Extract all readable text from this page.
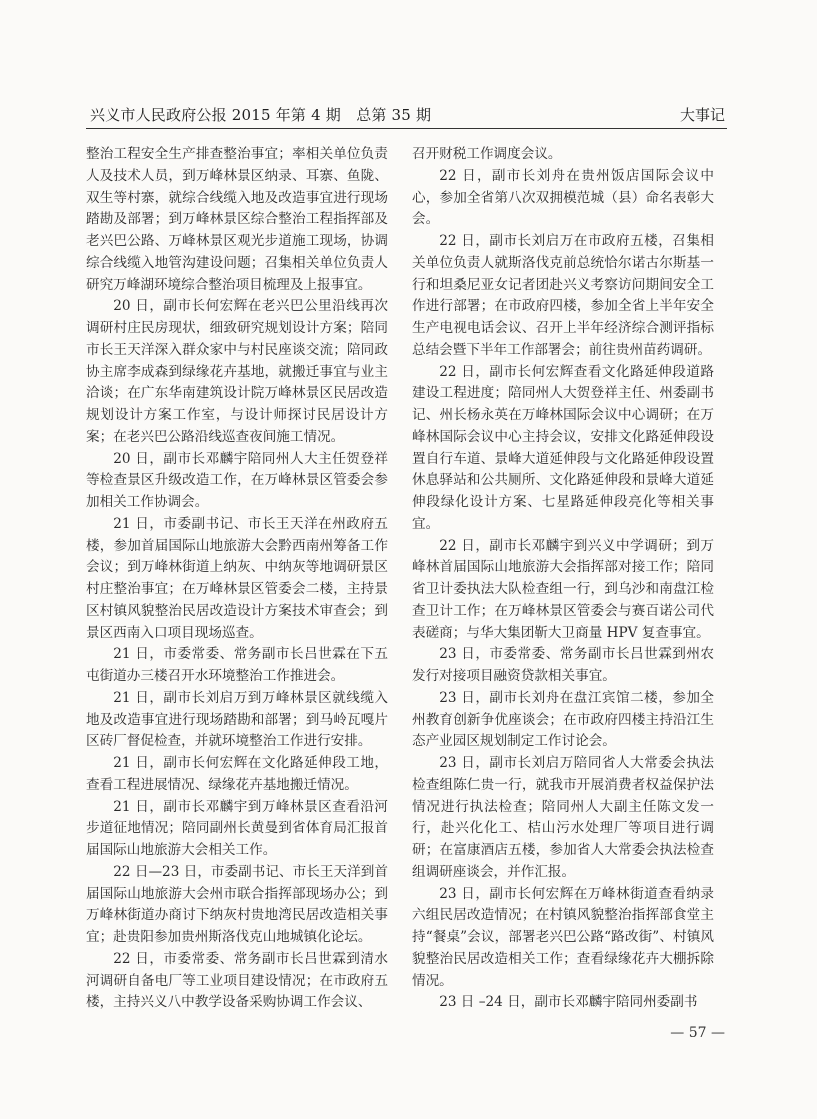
兴义市人民政府公报 2015 年第 4 期　总第 35 期	大事记

整治工程安全生产排查整治事宜；率相关单位负责人及技术人员，到万峰林景区纳录、耳寨、鱼陇、双生等村寨，就综合线缆入地及改造事宜进行现场踏勘及部署；到万峰林景区综合整治工程指挥部及老兴巴公路、万峰林景区观光步道施工现场，协调综合线缆入地管沟建设问题；召集相关单位负责人研究万峰湖环境综合整治项目梳理及上报事宜。

20 日，副市长何宏辉在老兴巴公里沿线再次调研村庄民房现状，细致研究规划设计方案；陪同市长王天洋深入群众家中与村民座谈交流；陪同政协主席李成森到绿缘花卉基地，就搬迁事宜与业主洽谈；在广东华南建筑设计院万峰林景区民居改造规划设计方案工作室，与设计师探讨民居设计方案；在老兴巴公路沿线巡查夜间施工情况。

20 日，副市长邓麟宇陪同州人大主任贺登祥等检查景区升级改造工作，在万峰林景区管委会参加相关工作协调会。

21 日，市委副书记、市长王天洋在州政府五楼，参加首届国际山地旅游大会黔西南州筹备工作会议；到万峰林街道上纳灰、中纳灰等地调研景区村庄整治事宜；在万峰林景区管委会二楼，主持景区村镇风貌整治民居改造设计方案技术审查会；到景区西南入口项目现场巡查。

21 日，市委常委、常务副市长吕世霖在下五屯街道办三楼召开水环境整治工作推进会。

21 日，副市长刘启万到万峰林景区就线缆入地及改造事宜进行现场踏勘和部署；到马岭瓦嘎片区砖厂督促检查，并就环境整治工作进行安排。

21 日，副市长何宏辉在文化路延伸段工地，查看工程进展情况、绿缘花卉基地搬迁情况。

21 日，副市长邓麟宇到万峰林景区查看沿河步道征地情况；陪同副州长黄曼到省体育局汇报首届国际山地旅游大会相关工作。

22 日—23 日，市委副书记、市长王天洋到首届国际山地旅游大会州市联合指挥部现场办公；到万峰林街道办商讨下纳灰村贵地湾民居改造相关事宜；赴贵阳参加贵州斯洛伐克山地城镇化论坛。

22 日，市委常委、常务副市长吕世霖到清水河调研自备电厂等工业项目建设情况；在市政府五楼，主持兴义八中教学设备采购协调工作会议、

召开财税工作调度会议。

22 日，副市长刘舟在贵州饭店国际会议中心，参加全省第八次双拥模范城（县）命名表彰大会。

22 日，副市长刘启万在市政府五楼，召集相关单位负责人就斯洛伐克前总统恰尔诺古尔斯基一行和坦桑尼亚女记者团赴兴义考察访问期间安全工作进行部署；在市政府四楼，参加全省上半年安全生产电视电话会议、召开上半年经济综合测评指标总结会暨下半年工作部署会；前往贵州苗药调研。

22 日，副市长何宏辉查看文化路延伸段道路建设工程进度；陪同州人大贺登祥主任、州委副书记、州长杨永英在万峰林国际会议中心调研；在万峰林国际会议中心主持会议，安排文化路延伸段设置自行车道、景峰大道延伸段与文化路延伸段设置休息驿站和公共厕所、文化路延伸段和景峰大道延伸段绿化设计方案、七星路延伸段亮化等相关事宜。

22 日，副市长邓麟宇到兴义中学调研；到万峰林首届国际山地旅游大会指挥部对接工作；陪同省卫计委执法大队检查组一行，到乌沙和南盘江检查卫计工作；在万峰林景区管委会与赛百诺公司代表磋商；与华大集团靳大卫商量 HPV 复查事宜。

23 日，市委常委、常务副市长吕世霖到州农发行对接项目融资贷款相关事宜。

23 日，副市长刘舟在盘江宾馆二楼，参加全州教育创新争优座谈会；在市政府四楼主持沿江生态产业园区规划制定工作讨论会。

23 日，副市长刘启万陪同省人大常委会执法检查组陈仁贵一行，就我市开展消费者权益保护法情况进行执法检查；陪同州人大副主任陈文发一行，赴兴化化工、桔山污水处理厂等项目进行调研；在富康酒店五楼，参加省人大常委会执法检查组调研座谈会，并作汇报。

23 日，副市长何宏辉在万峰林街道查看纳录六组民居改造情况；在村镇风貌整治指挥部食堂主持“餐桌”会议，部署老兴巴公路“路改街”、村镇风貌整治民居改造相关工作；查看绿缘花卉大棚拆除情况。

23 日 –24 日，副市长邓麟宇陪同州委副书

— 57 —
